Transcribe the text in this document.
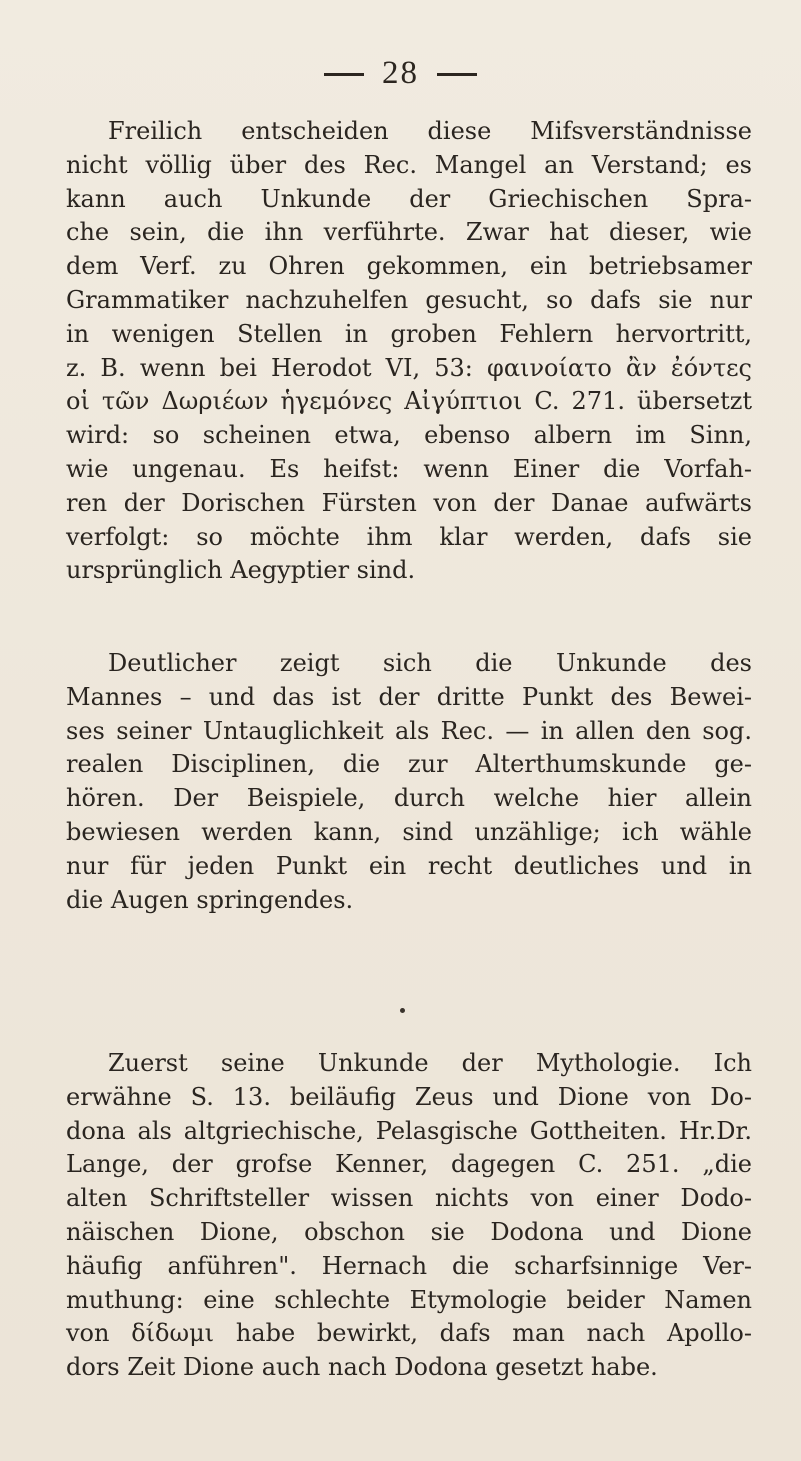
28
Freilich entscheiden diese Mifsverständnisse
nicht völlig über des Rec. Mangel an Verstand; es
kann auch Unkunde der Griechischen Spra-
che sein, die ihn verführte. Zwar hat dieser, wie
dem Verf. zu Ohren gekommen, ein betriebsamer
Grammatiker nachzuhelfen gesucht, so dafs sie nur
in wenigen Stellen in groben Fehlern hervortritt,
z. B. wenn bei Herodot VI, 53: φαινοίατο ἂν ἐόντες
οἱ τῶν Δωριέων ἡγεμόνες Αἰγύπτιοι C. 271. übersetzt
wird: so scheinen etwa, ebenso albern im Sinn,
wie ungenau. Es heifst: wenn Einer die Vorfah-
ren der Dorischen Fürsten von der Danae aufwärts
verfolgt: so möchte ihm klar werden, dafs sie
ursprünglich Aegyptier sind.
Deutlicher zeigt sich die Unkunde des
Mannes – und das ist der dritte Punkt des Bewei-
ses seiner Untauglichkeit als Rec. — in allen den sog.
realen Disciplinen, die zur Alterthumskunde ge-
hören. Der Beispiele, durch welche hier allein
bewiesen werden kann, sind unzählige; ich wähle
nur für jeden Punkt ein recht deutliches und in
die Augen springendes.
Zuerst seine Unkunde der Mythologie. Ich
erwähne S. 13. beiläufig Zeus und Dione von Do-
dona als altgriechische, Pelasgische Gottheiten. Hr.Dr.
Lange, der grofse Kenner, dagegen C. 251. „die
alten Schriftsteller wissen nichts von einer Dodo-
näischen Dione, obschon sie Dodona und Dione
häufig anführen". Hernach die scharfsinnige Ver-
muthung: eine schlechte Etymologie beider Namen
von δίδωμι habe bewirkt, dafs man nach Apollo-
dors Zeit Dione auch nach Dodona gesetzt habe.
